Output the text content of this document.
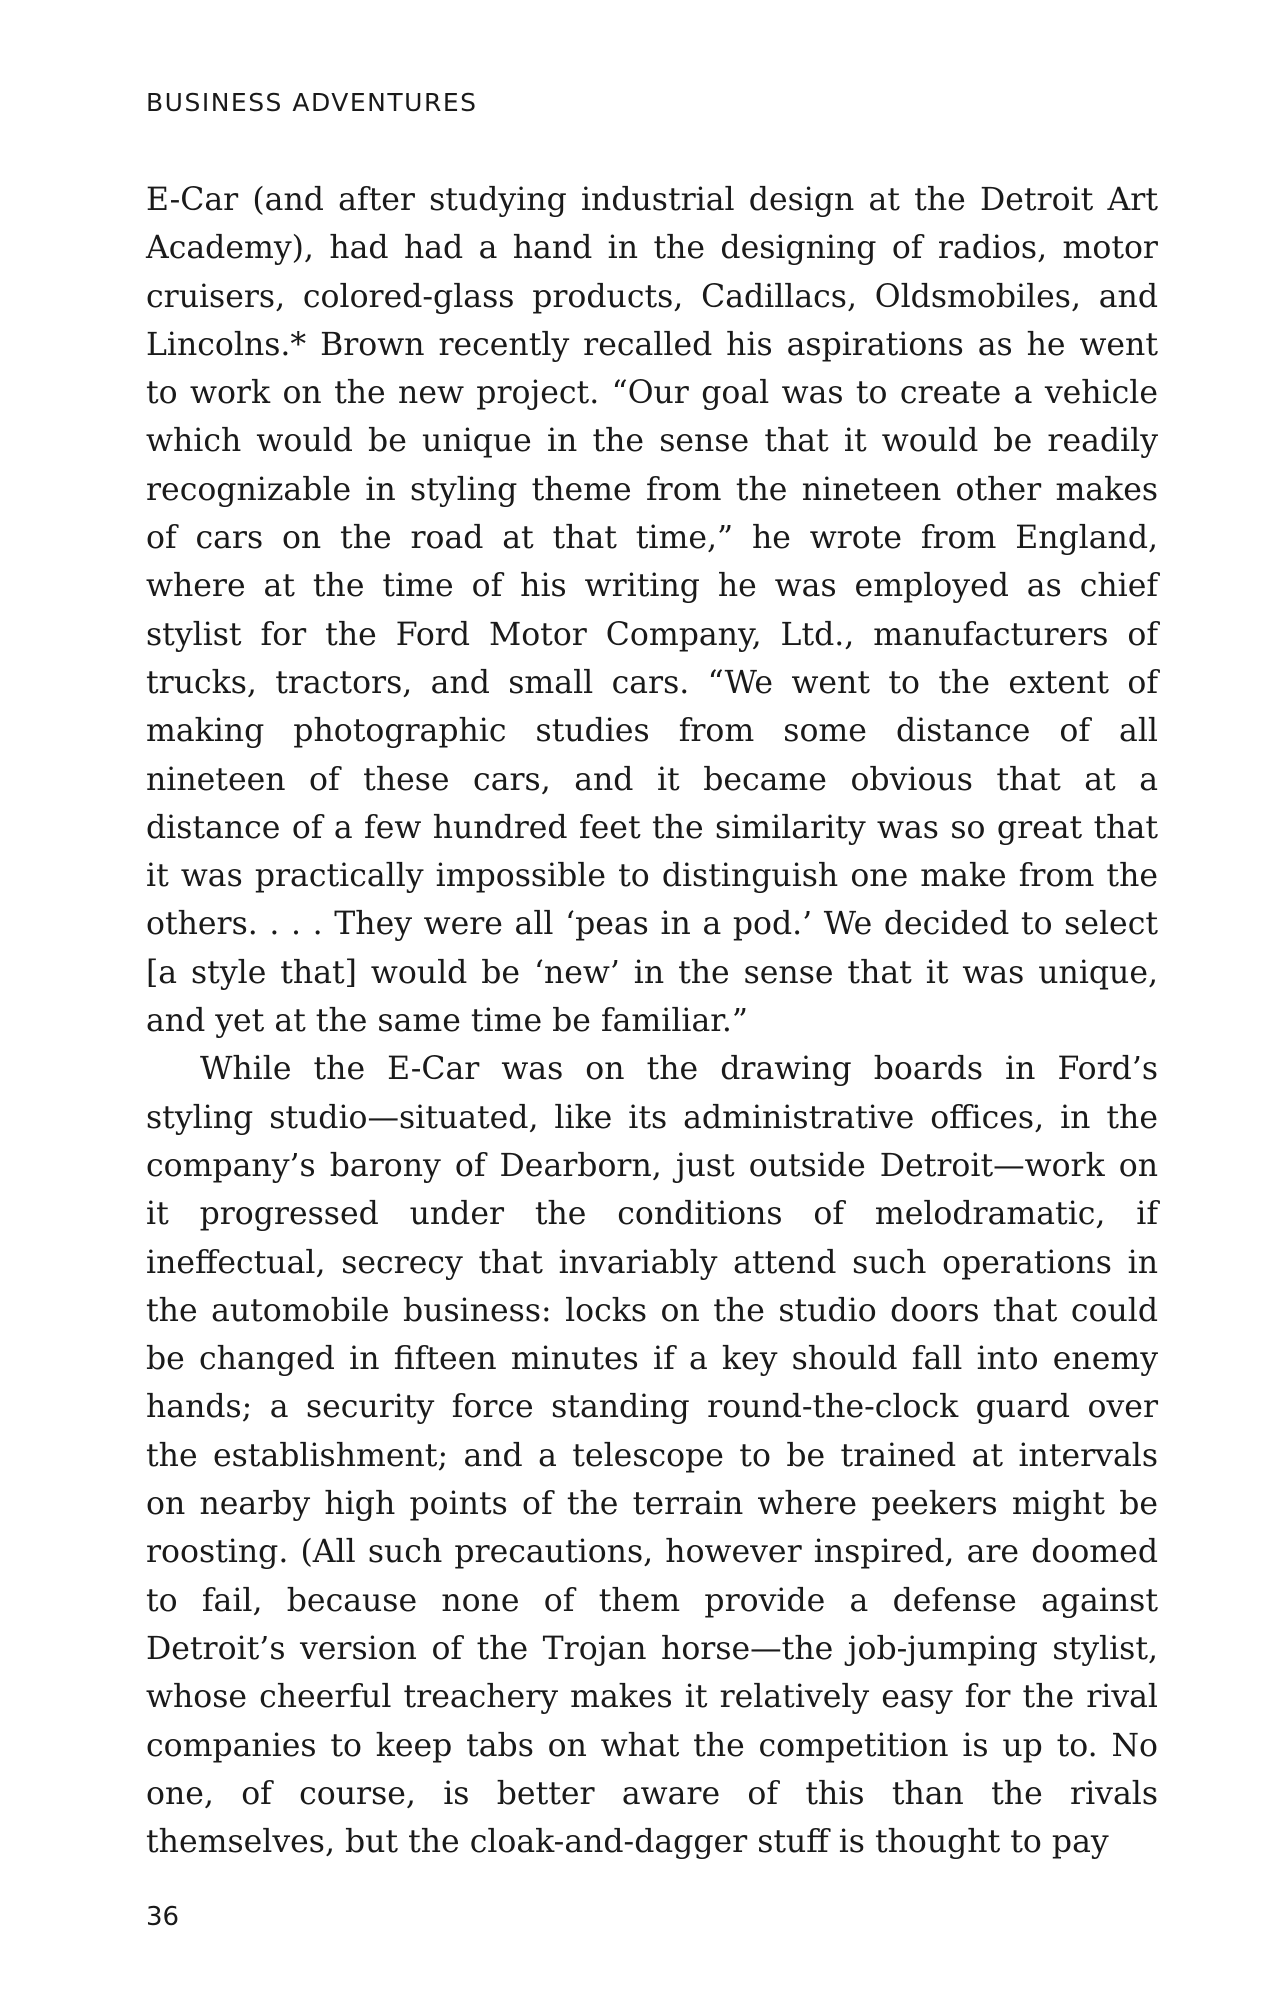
BUSINESS ADVENTURES

E-Car (and after studying industrial design at the Detroit Art Academy), had had a hand in the designing of radios, motor cruisers, colored-glass products, Cadillacs, Oldsmobiles, and Lincolns.* Brown recently recalled his aspirations as he went to work on the new project. “Our goal was to create a vehicle which would be unique in the sense that it would be readily recognizable in styling theme from the nineteen other makes of cars on the road at that time,” he wrote from England, where at the time of his writing he was employed as chief stylist for the Ford Motor Company, Ltd., manufacturers of trucks, tractors, and small cars. “We went to the extent of making photographic studies from some distance of all nineteen of these cars, and it became obvious that at a distance of a few hundred feet the similarity was so great that it was practically impossible to distinguish one make from the others. . . . They were all ‘peas in a pod.’ We decided to select [a style that] would be ‘new’ in the sense that it was unique, and yet at the same time be familiar.”

While the E-Car was on the drawing boards in Ford’s styling studio—situated, like its administrative offices, in the company’s barony of Dearborn, just outside Detroit—work on it progressed under the conditions of melodramatic, if ineffectual, secrecy that invariably attend such operations in the automobile business: locks on the studio doors that could be changed in fifteen minutes if a key should fall into enemy hands; a security force standing round-the-clock guard over the establishment; and a telescope to be trained at intervals on nearby high points of the terrain where peekers might be roosting. (All such precautions, however inspired, are doomed to fail, because none of them provide a defense against Detroit’s version of the Trojan horse—the job-jumping stylist, whose cheerful treachery makes it relatively easy for the rival companies to keep tabs on what the competition is up to. No one, of course, is better aware of this than the rivals themselves, but the cloak-and-dagger stuff is thought to pay

36
